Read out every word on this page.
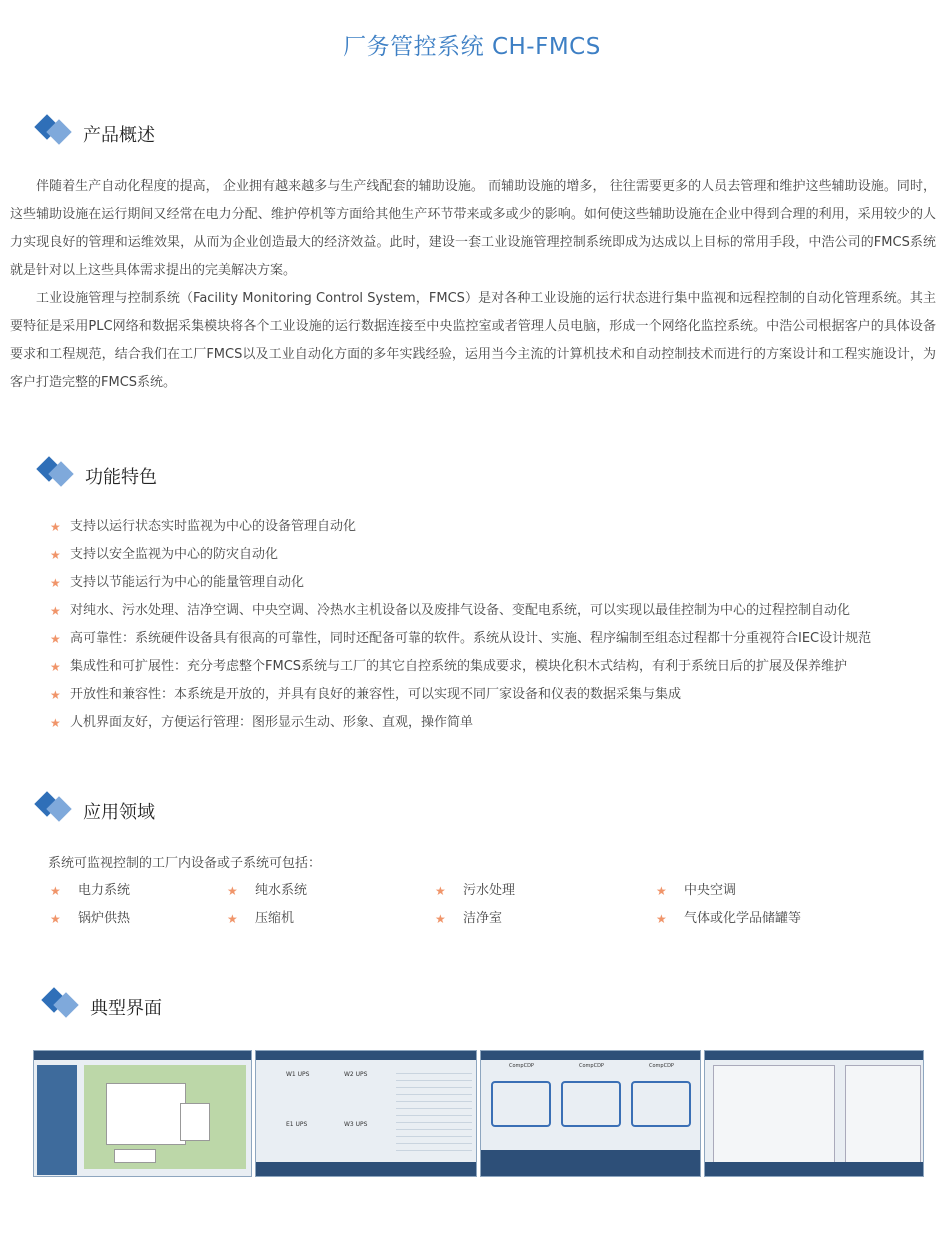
厂务管控系统 CH-FMCS
产品概述
伴随着生产自动化程度的提高， 企业拥有越来越多与生产线配套的辅助设施。 而辅助设施的增多， 往往需要更多的人员去管理和维护这些辅助设施。同时，这些辅助设施在运行期间又经常在电力分配、维护停机等方面给其他生产环节带来或多或少的影响。如何使这些辅助设施在企业中得到合理的利用，采用较少的人力实现良好的管理和运维效果，从而为企业创造最大的经济效益。此时，建设一套工业设施管理控制系统即成为达成以上目标的常用手段，中浩公司的FMCS系统就是针对以上这些具体需求提出的完美解决方案。
工业设施管理与控制系统（Facility Monitoring Control System，FMCS）是对各种工业设施的运行状态进行集中监视和远程控制的自动化管理系统。其主要特征是采用PLC网络和数据采集模块将各个工业设施的运行数据连接至中央监控室或者管理人员电脑，形成一个网络化监控系统。中浩公司根据客户的具体设备要求和工程规范，结合我们在工厂FMCS以及工业自动化方面的多年实践经验，运用当今主流的计算机技术和自动控制技术而进行的方案设计和工程实施设计，为客户打造完整的FMCS系统。
功能特色
★ 支持以运行状态实时监视为中心的设备管理自动化
★ 支持以安全监视为中心的防灾自动化
★ 支持以节能运行为中心的能量管理自动化
★ 对纯水、污水处理、洁净空调、中央空调、冷热水主机设备以及废排气设备、变配电系统，可以实现以最佳控制为中心的过程控制自动化
★ 高可靠性：系统硬件设备具有很高的可靠性，同时还配备可靠的软件。系统从设计、实施、程序编制至组态过程都十分重视符合IEC设计规范
★ 集成性和可扩展性：充分考虑整个FMCS系统与工厂的其它自控系统的集成要求，模块化积木式结构，有利于系统日后的扩展及保养维护
★ 开放性和兼容性：本系统是开放的，并具有良好的兼容性，可以实现不同厂家设备和仪表的数据采集与集成
★ 人机界面友好，方便运行管理：图形显示生动、形象、直观，操作简单
应用领域
系统可监视控制的工厂内设备或子系统可包括：
★ 电力系统	★ 纯水系统	★ 污水处理	★ 中央空调
★ 锅炉供热	★ 压缩机	★ 洁净室	★ 气体或化学品储罐等
典型界面
W1 UPS	W2 UPS
E1 UPS	W3 UPS
CompCDP	CompCDP	CompCDP
